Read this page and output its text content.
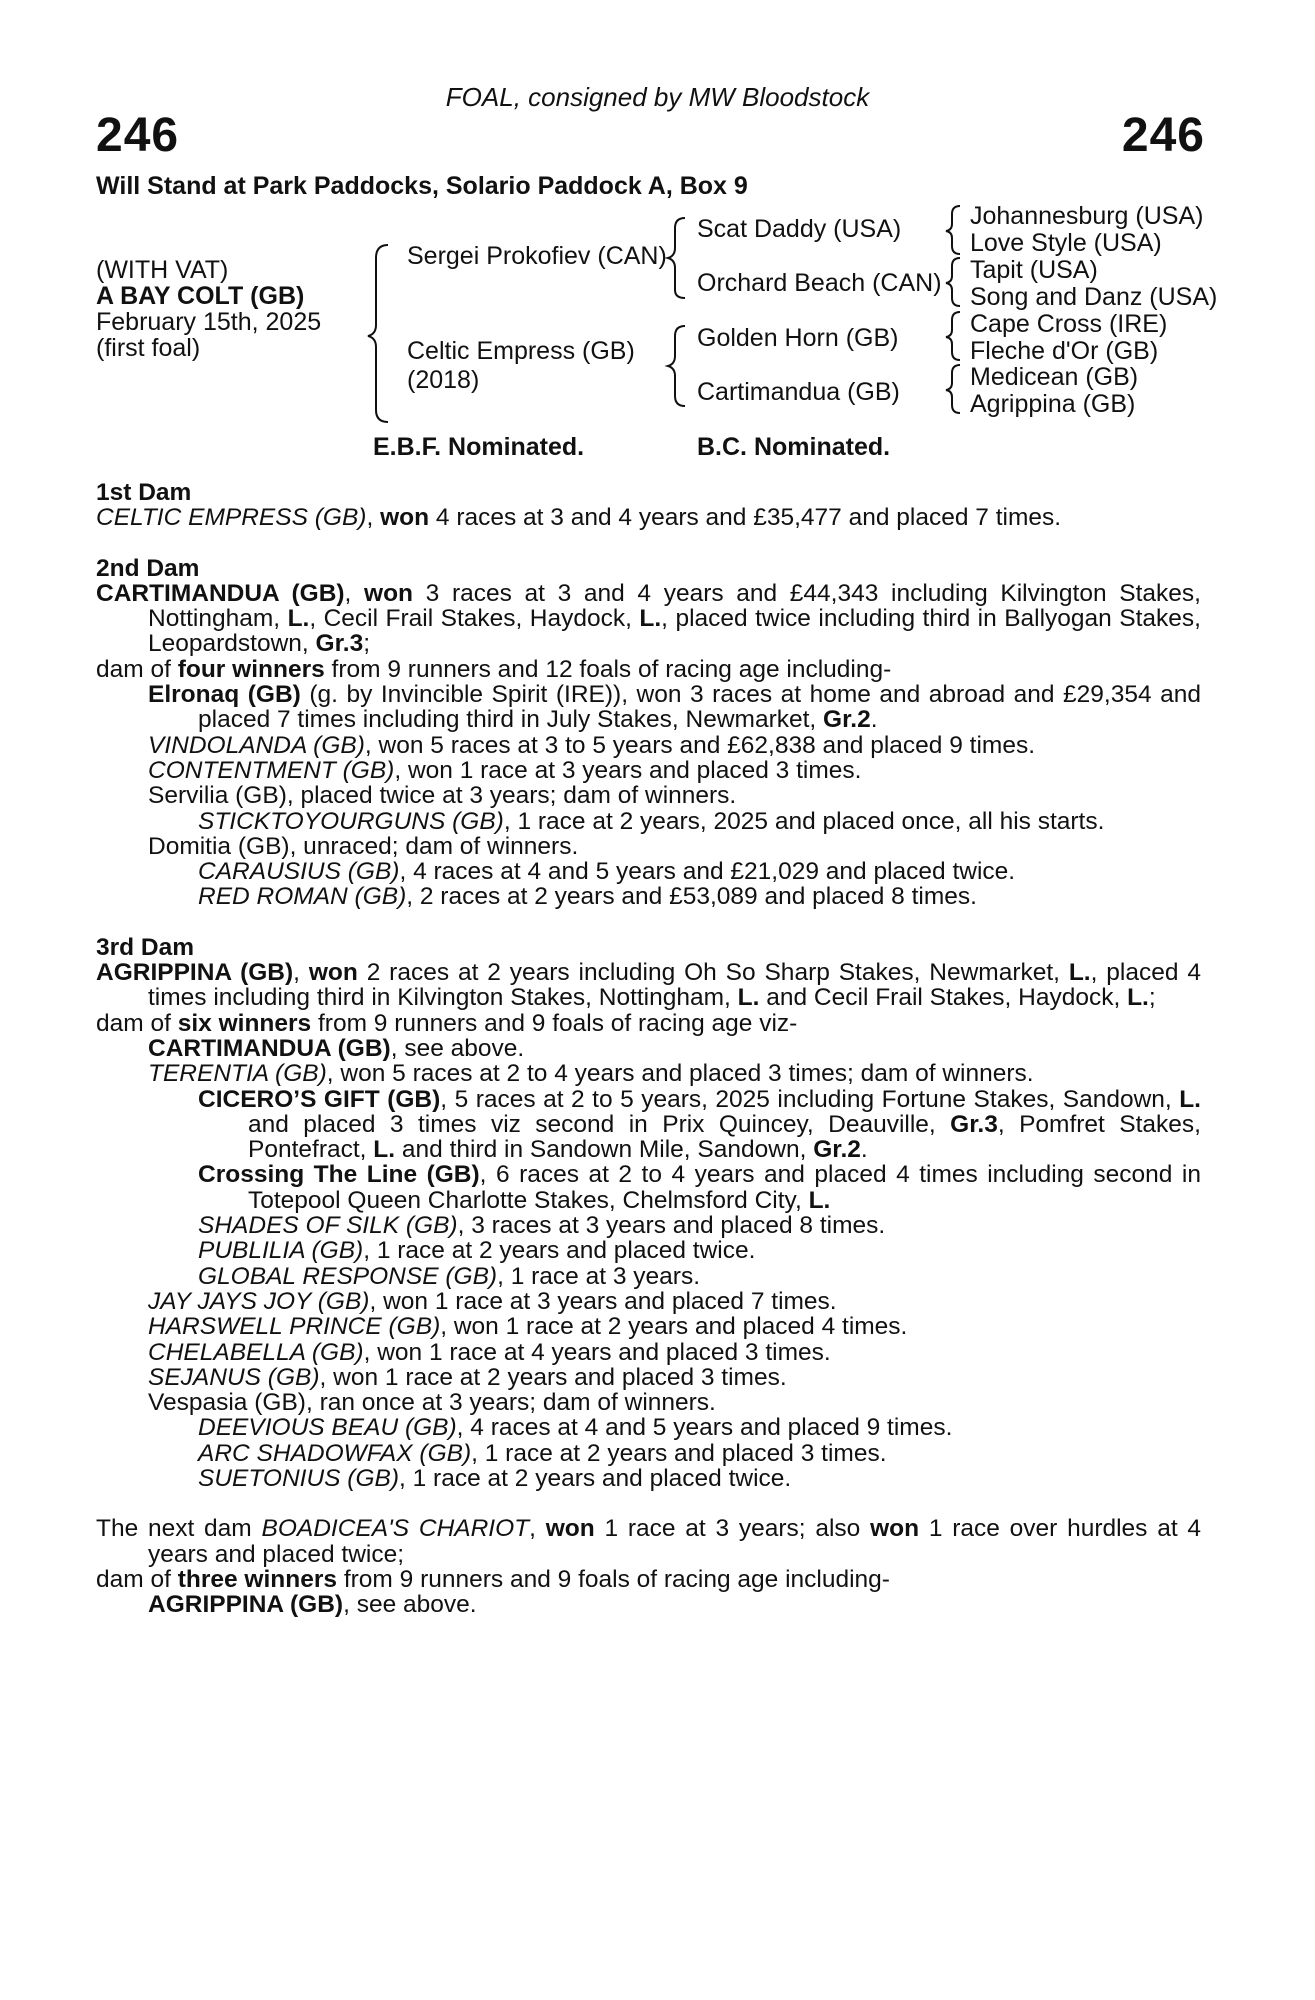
FOAL, consigned by MW Bloodstock
246	246
Will Stand at Park Paddocks, Solario Paddock A, Box 9
(WITH VAT)
A BAY COLT (GB)
February 15th, 2025
(first foal)
Sergei Prokofiev (CAN)
Celtic Empress (GB)
(2018)
Scat Daddy (USA)
Orchard Beach (CAN)
Golden Horn (GB)
Cartimandua (GB)
Johannesburg (USA)
Love Style (USA)
Tapit (USA)
Song and Danz (USA)
Cape Cross (IRE)
Fleche d'Or (GB)
Medicean (GB)
Agrippina (GB)
E.B.F. Nominated.	B.C. Nominated.

1st Dam

CELTIC EMPRESS (GB), won 4 races at 3 and 4 years and £35,477 and placed 7 times.

2nd Dam

CARTIMANDUA (GB), won 3 races at 3 and 4 years and £44,343 including Kilvington Stakes, Nottingham, L., Cecil Frail Stakes, Haydock, L., placed twice including third in Ballyogan Stakes, Leopardstown, Gr.3;

dam of four winners from 9 runners and 12 foals of racing age including-

Elronaq (GB) (g. by Invincible Spirit (IRE)), won 3 races at home and abroad and £29,354 and placed 7 times including third in July Stakes, Newmarket, Gr.2.

VINDOLANDA (GB), won 5 races at 3 to 5 years and £62,838 and placed 9 times.

CONTENTMENT (GB), won 1 race at 3 years and placed 3 times.

Servilia (GB), placed twice at 3 years; dam of winners.

STICKTOYOURGUNS (GB), 1 race at 2 years, 2025 and placed once, all his starts.

Domitia (GB), unraced; dam of winners.

CARAUSIUS (GB), 4 races at 4 and 5 years and £21,029 and placed twice.

RED ROMAN (GB), 2 races at 2 years and £53,089 and placed 8 times.

3rd Dam

AGRIPPINA (GB), won 2 races at 2 years including Oh So Sharp Stakes, Newmarket, L., placed 4 times including third in Kilvington Stakes, Nottingham, L. and Cecil Frail Stakes, Haydock, L.;

dam of six winners from 9 runners and 9 foals of racing age viz-

CARTIMANDUA (GB), see above.

TERENTIA (GB), won 5 races at 2 to 4 years and placed 3 times; dam of winners.

CICERO’S GIFT (GB), 5 races at 2 to 5 years, 2025 including Fortune Stakes, Sandown, L. and placed 3 times viz second in Prix Quincey, Deauville, Gr.3, Pomfret Stakes, Pontefract, L. and third in Sandown Mile, Sandown, Gr.2.

Crossing The Line (GB), 6 races at 2 to 4 years and placed 4 times including second in Totepool Queen Charlotte Stakes, Chelmsford City, L.

SHADES OF SILK (GB), 3 races at 3 years and placed 8 times.

PUBLILIA (GB), 1 race at 2 years and placed twice.

GLOBAL RESPONSE (GB), 1 race at 3 years.

JAY JAYS JOY (GB), won 1 race at 3 years and placed 7 times.

HARSWELL PRINCE (GB), won 1 race at 2 years and placed 4 times.

CHELABELLA (GB), won 1 race at 4 years and placed 3 times.

SEJANUS (GB), won 1 race at 2 years and placed 3 times.

Vespasia (GB), ran once at 3 years; dam of winners.

DEEVIOUS BEAU (GB), 4 races at 4 and 5 years and placed 9 times.

ARC SHADOWFAX (GB), 1 race at 2 years and placed 3 times.

SUETONIUS (GB), 1 race at 2 years and placed twice.

The next dam BOADICEA'S CHARIOT, won 1 race at 3 years; also won 1 race over hurdles at 4 years and placed twice;

dam of three winners from 9 runners and 9 foals of racing age including-

AGRIPPINA (GB), see above.
